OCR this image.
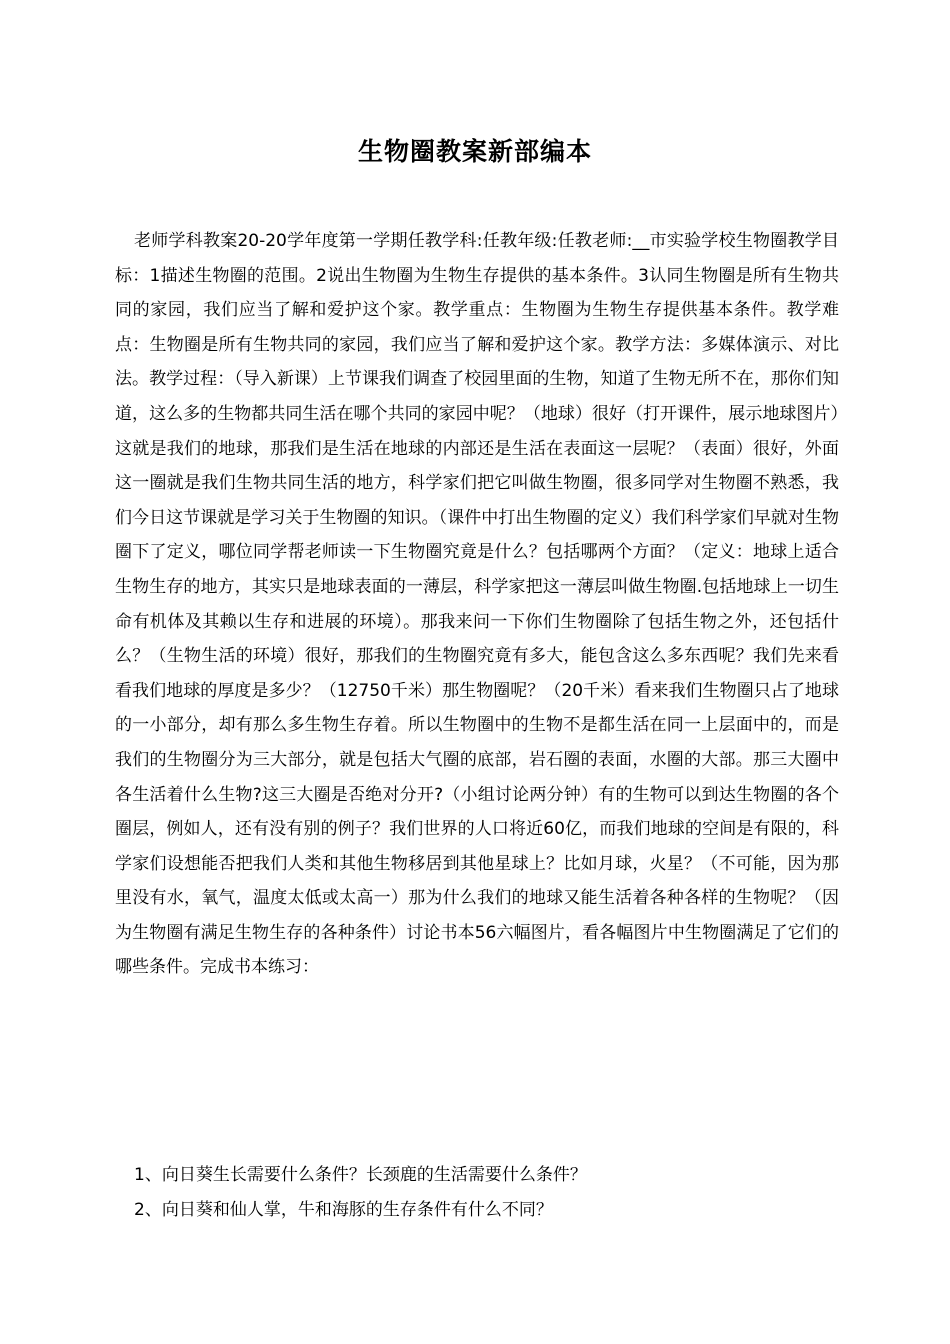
生物圈教案新部编本

老师学科教案20-20学年度第一学期任教学科:任教年级:任教老师:__市实验学校生物圈教学目标：1描述生物圈的范围。2说出生物圈为生物生存提供的基本条件。3认同生物圈是所有生物共同的家园，我们应当了解和爱护这个家。教学重点：生物圈为生物生存提供基本条件。教学难点：生物圈是所有生物共同的家园，我们应当了解和爱护这个家。教学方法：多媒体演示、对比法。教学过程：（导入新课）上节课我们调查了校园里面的生物，知道了生物无所不在，那你们知道，这么多的生物都共同生活在哪个共同的家园中呢？（地球）很好（打开课件，展示地球图片）这就是我们的地球，那我们是生活在地球的内部还是生活在表面这一层呢？（表面）很好，外面这一圈就是我们生物共同生活的地方，科学家们把它叫做生物圈，很多同学对生物圈不熟悉，我们今日这节课就是学习关于生物圈的知识。（课件中打出生物圈的定义）我们科学家们早就对生物圈下了定义，哪位同学帮老师读一下生物圈究竟是什么？包括哪两个方面？（定义：地球上适合生物生存的地方，其实只是地球表面的一薄层，科学家把这一薄层叫做生物圈.包括地球上一切生命有机体及其赖以生存和进展的环境）。那我来问一下你们生物圈除了包括生物之外，还包括什么？（生物生活的环境）很好，那我们的生物圈究竟有多大，能包含这么多东西呢？我们先来看看我们地球的厚度是多少？（12750千米）那生物圈呢？（20千米）看来我们生物圈只占了地球的一小部分，却有那么多生物生存着。所以生物圈中的生物不是都生活在同一上层面中的，而是我们的生物圈分为三大部分，就是包括大气圈的底部，岩石圈的表面，水圈的大部。那三大圈中各生活着什么生物?这三大圈是否绝对分开?（小组讨论两分钟）有的生物可以到达生物圈的各个圈层，例如人，还有没有别的例子？我们世界的人口将近60亿，而我们地球的空间是有限的，科学家们设想能否把我们人类和其他生物移居到其他星球上？比如月球，火星？（不可能，因为那里没有水，氧气，温度太低或太高一）那为什么我们的地球又能生活着各种各样的生物呢？（因为生物圈有满足生物生存的各种条件）讨论书本56六幅图片，看各幅图片中生物圈满足了它们的哪些条件。完成书本练习：

1、向日葵生长需要什么条件？长颈鹿的生活需要什么条件？
2、向日葵和仙人掌，牛和海豚的生存条件有什么不同？
